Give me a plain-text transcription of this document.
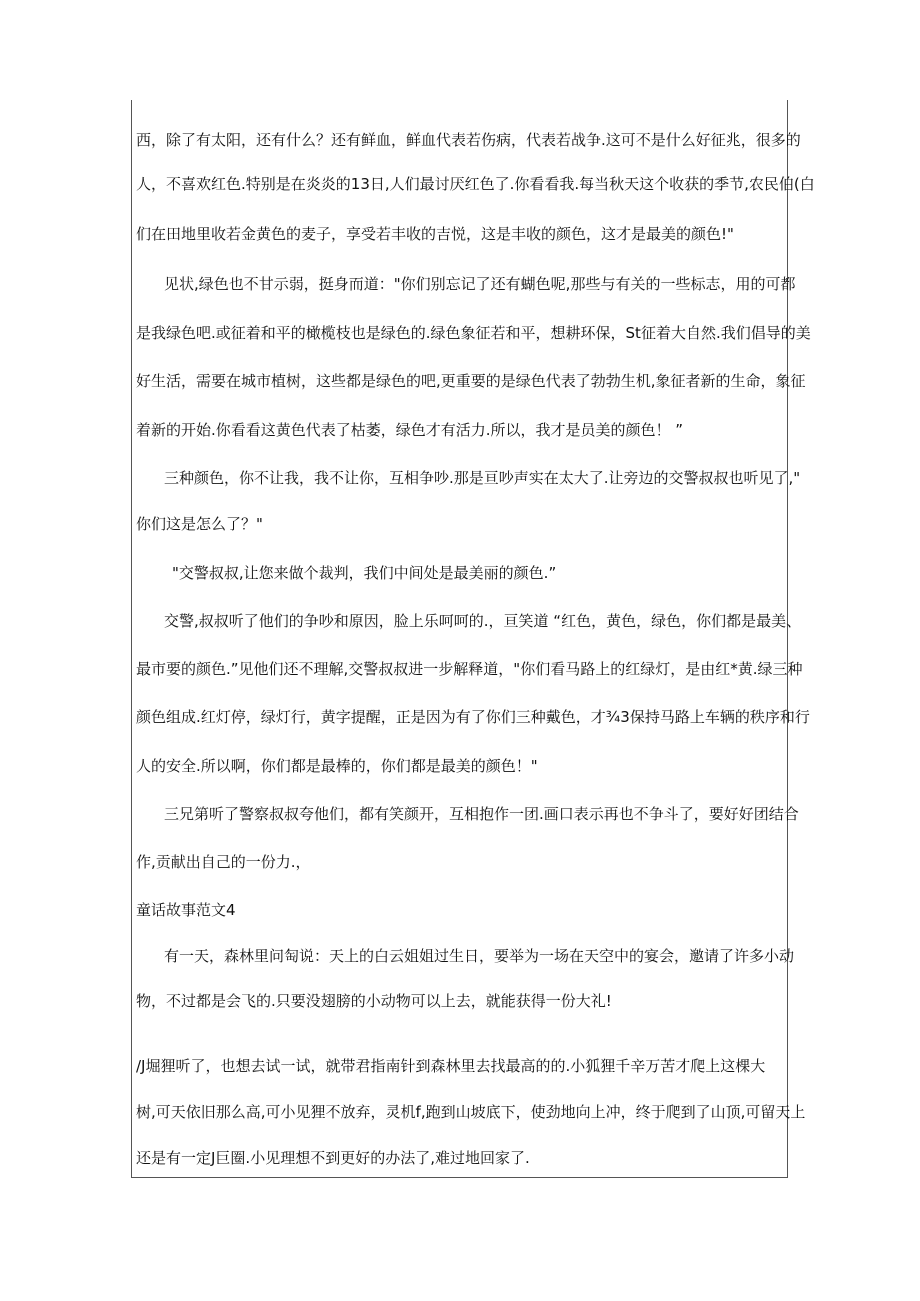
西，除了有太阳，还有什么？还有鲜血，鲜血代表若伤病，代表若战争.这可不是什么好征兆，很多的
人，不喜欢红色.特别是在炎炎的13日,人们最讨厌红色了.你看看我.每当秋天这个收获的季节,农民伯(白
们在田地里收若金黄色的麦子，享受若丰收的吉悦，这是丰收的颜色，这才是最美的颜色!"
见状,绿色也不甘示弱，挺身而道："你们别忘记了还有蝴色呢,那些与有关的一些标志，用的可都
是我绿色吧.或征着和平的橄榄枝也是绿色的.绿色象征若和平，想耕环保，St征着大自然.我们倡导的美
好生活，需要在城市植树，这些都是绿色的吧,更重要的是绿色代表了勃勃生机,象征者新的生命，象征
着新的开始.你看看这黄色代表了枯萎，绿色才有活力.所以，我才是员美的颜色！ ”
三种颜色，你不让我，我不让你，互相争吵.那是亘吵声实在太大了.让旁边的交警叔叔也听见了,"
你们这是怎么了？"
"交警叔叔,让您来做个裁判，我们中间处是最美丽的颜色.”
交警,叔叔听了他们的争吵和原因，脸上乐呵呵的.，亘笑道 “红色，黄色，绿色，你们都是最美、
最市要的颜色.”见他们还不理解,交警叔叔进一步解释道，"你们看马路上的红绿灯，是由红*黄.绿三种
颜色组成.红灯停，绿灯行，黄字提醒，正是因为有了你们三种戴色，才¾3保持马路上车辆的秩序和行
人的安全.所以啊，你们都是最棒的，你们都是最美的颜色！"
三兄第听了警察叔叔夸他们，都有笑颜开，互相抱作一团.画口表示再也不争斗了，要好好团结合
作,贡献出自己的一份力.，
童话故事范文4
有一天，森林里问匋说：天上的白云姐姐过生日，要举为一场在天空中的宴会，邀请了许多小动
物，不过都是会飞的.只要没翅膀的小动物可以上去，就能获得一份大礼!
/J堀狸听了，也想去试一试，就带君指南针到森林里去找最高的的.小狐狸千辛万苦才爬上这棵大
树,可天依旧那么高,可小见狸不放弃，灵机f,跑到山坡底下，使劲地向上冲，终于爬到了山顶,可留天上
还是有一定J巨圈.小见理想不到更好的办法了,难过地回家了.
